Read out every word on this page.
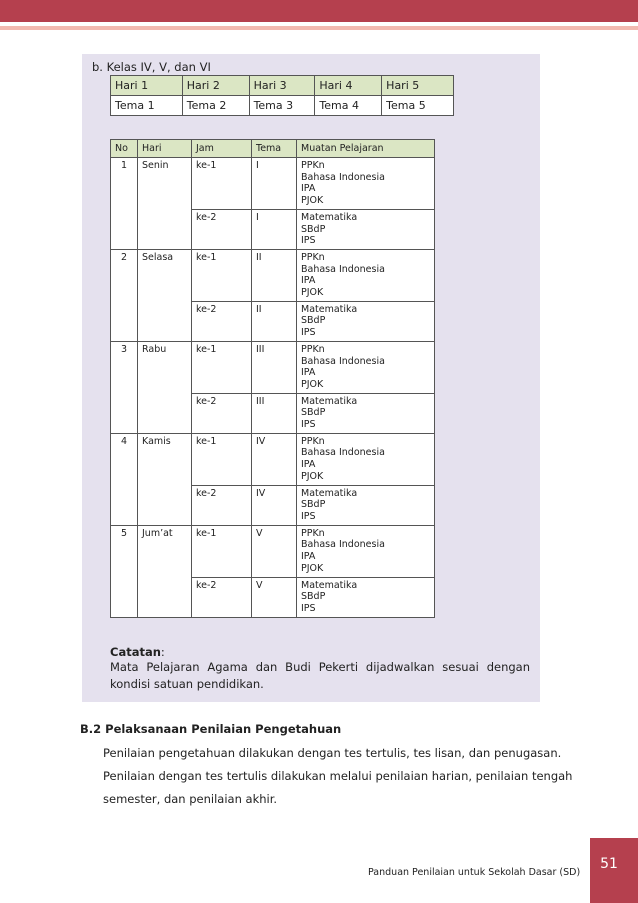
b. Kelas IV, V, dan VI
Hari 1	Hari 2	Hari 3	Hari 4	Hari 5
Tema 1	Tema 2	Tema 3	Tema 4	Tema 5
No	Hari	Jam	Tema	Muatan Pelajaran
1	Senin	ke-1	I	PPKn
Bahasa Indonesia
IPA
PJOK

		ke-2	I	Matematika
SBdP
IPS

2	Selasa	ke-1	II	PPKn
Bahasa Indonesia
IPA
PJOK

		ke-2	II	Matematika
SBdP
IPS

3	Rabu	ke-1	III	PPKn
Bahasa Indonesia
IPA
PJOK

		ke-2	III	Matematika
SBdP
IPS

4	Kamis	ke-1	IV	PPKn
Bahasa Indonesia
IPA
PJOK

		ke-2	IV	Matematika
SBdP
IPS

5	Jum’at	ke-1	V	PPKn
Bahasa Indonesia
IPA
PJOK

		ke-2	V	Matematika
SBdP
IPS
Catatan:
Mata Pelajaran Agama dan Budi Pekerti dijadwalkan sesuai dengan kondisi satuan pendidikan.
B.2 Pelaksanaan Penilaian Pengetahuan
Penilaian pengetahuan dilakukan dengan tes tertulis, tes lisan, dan penugasan.
Penilaian dengan tes tertulis dilakukan melalui penilaian harian, penilaian tengah
semester, dan penilaian akhir.
Panduan Penilaian untuk Sekolah Dasar (SD)
51
